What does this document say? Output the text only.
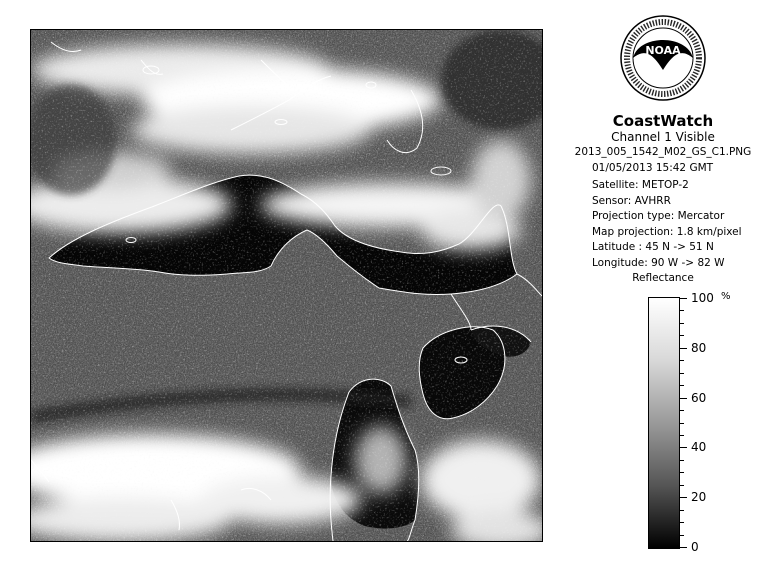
NOAA
CoastWatch
Channel 1 Visible
2013_005_1542_M02_GS_C1.PNG
01/05/2013 15:42 GMT
Satellite: METOP-2
Sensor: AVHRR
Projection type: Mercator
Map projection: 1.8 km/pixel
Latitude : 45 N -> 51 N
Longitude: 90 W -> 82 W
Reflectance
%
100
80
60
40
20
0
